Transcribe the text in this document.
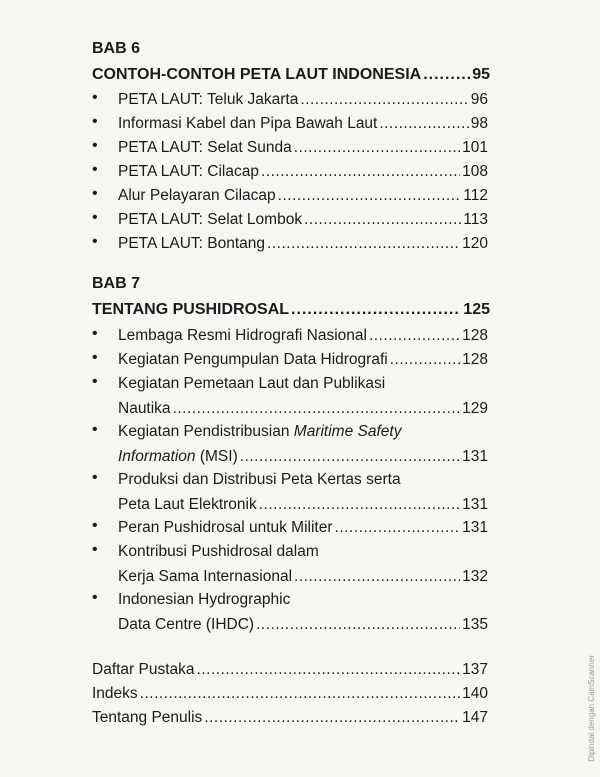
BAB 6
CONTOH-CONTOH PETA LAUT INDONESIA .....	95
• PETA LAUT: Teluk Jakarta .....	96
• Informasi Kabel dan Pipa Bawah Laut .....	98
• PETA LAUT: Selat Sunda .....	101
• PETA LAUT: Cilacap .....	108
• Alur Pelayaran Cilacap .....	112
• PETA LAUT: Selat Lombok .....	113
• PETA LAUT: Bontang .....	120
BAB 7
TENTANG PUSHIDROSAL .....	125
• Lembaga Resmi Hidrografi Nasional .....	128
• Kegiatan Pengumpulan Data Hidrografi .....	128
• Kegiatan Pemetaan Laut dan Publikasi
Nautika .....	129
• Kegiatan Pendistribusian Maritime Safety
Information (MSI) .....	131
• Produksi dan Distribusi Peta Kertas serta
Peta Laut Elektronik .....	131
• Peran Pushidrosal untuk Militer .....	131
• Kontribusi Pushidrosal dalam
Kerja Sama Internasional .....	132
• Indonesian Hydrographic
Data Centre (IHDC) .....	135
Daftar Pustaka .....	137
Indeks .....	140
Tentang Penulis .....	147	Dipindai dengan CamScanner
